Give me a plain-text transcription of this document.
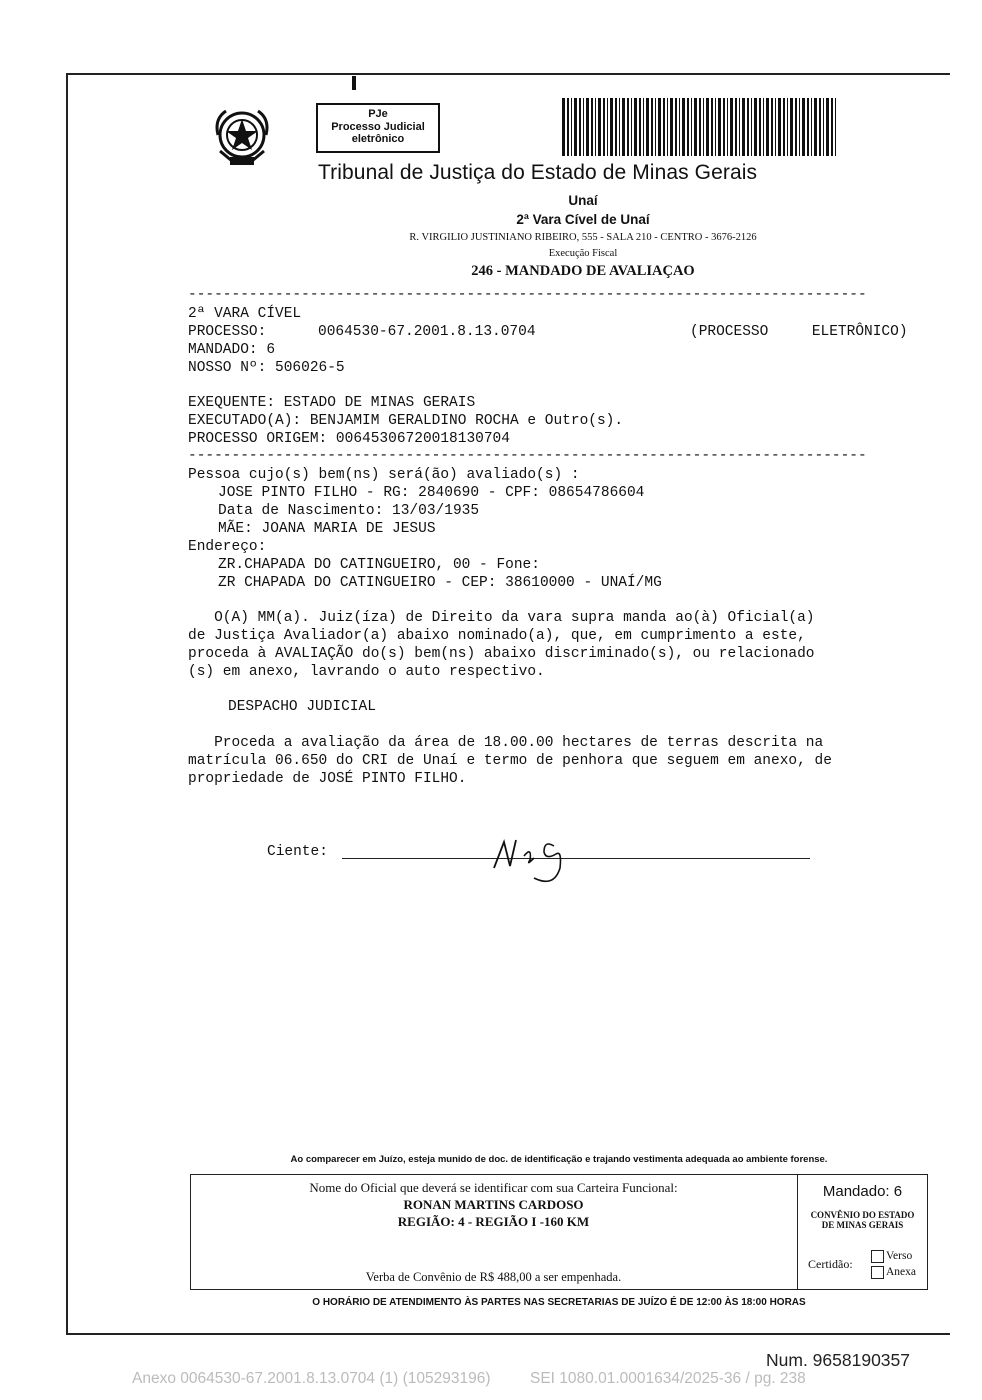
PJe
Processo Judicial
eletrônico
Tribunal de Justiça do Estado de Minas Gerais
Unaí
2ª Vara Cível de Unaí
R. VIRGILIO JUSTINIANO RIBEIRO, 555 - SALA 210 - CENTRO - 3676-2126
Execução Fiscal
246 - MANDADO DE AVALIAÇAO
------------------------------------------------------------------------------
2ª VARA CÍVEL
PROCESSO:	0064530-67.2001.8.13.0704	(PROCESSO     ELETRÔNICO)
MANDADO: 6
NOSSO Nº: 506026-5
EXEQUENTE: ESTADO DE MINAS GERAIS
EXECUTADO(A): BENJAMIM GERALDINO ROCHA e Outro(s).
PROCESSO ORIGEM: 00645306720018130704
------------------------------------------------------------------------------
Pessoa cujo(s) bem(ns) será(ão) avaliado(s) :
JOSE PINTO FILHO - RG: 2840690 - CPF: 08654786604
Data de Nascimento: 13/03/1935
MÃE: JOANA MARIA DE JESUS
Endereço:
ZR.CHAPADA DO CATINGUEIRO, 00 - Fone:
ZR CHAPADA DO CATINGUEIRO - CEP: 38610000 - UNAÍ/MG
O(A) MM(a). Juiz(íza) de Direito da vara supra manda ao(à) Oficial(a)
de Justiça Avaliador(a) abaixo nominado(a), que, em cumprimento a este,
proceda à AVALIAÇÃO do(s) bem(ns) abaixo discriminado(s), ou relacionado
(s) em anexo, lavrando o auto respectivo.
DESPACHO JUDICIAL
Proceda a avaliação da área de 18.00.00 hectares de terras descrita na
matrícula 06.650 do CRI de Unaí e termo de penhora que seguem em anexo, de
propriedade de JOSÉ PINTO FILHO.
Ciente:
Ao comparecer em Juízo, esteja munido de doc. de identificação e trajando vestimenta adequada ao ambiente forense.
Nome do Oficial que deverá se identificar com sua Carteira Funcional:
RONAN MARTINS CARDOSO
REGIÃO: 4 - REGIÃO I -160 KM
Verba de Convênio de R$ 488,00 a ser empenhada.
Mandado: 6
CONVÊNIO DO ESTADO
DE MINAS GERAIS
Certidão:
Verso
Anexa
O HORÁRIO DE ATENDIMENTO ÀS PARTES NAS SECRETARIAS DE JUÍZO É DE 12:00 ÀS 18:00 HORAS
Num. 9658190357
Anexo 0064530-67.2001.8.13.0704 (1) (105293196)	SEI 1080.01.0001634/2025-36 / pg. 238
